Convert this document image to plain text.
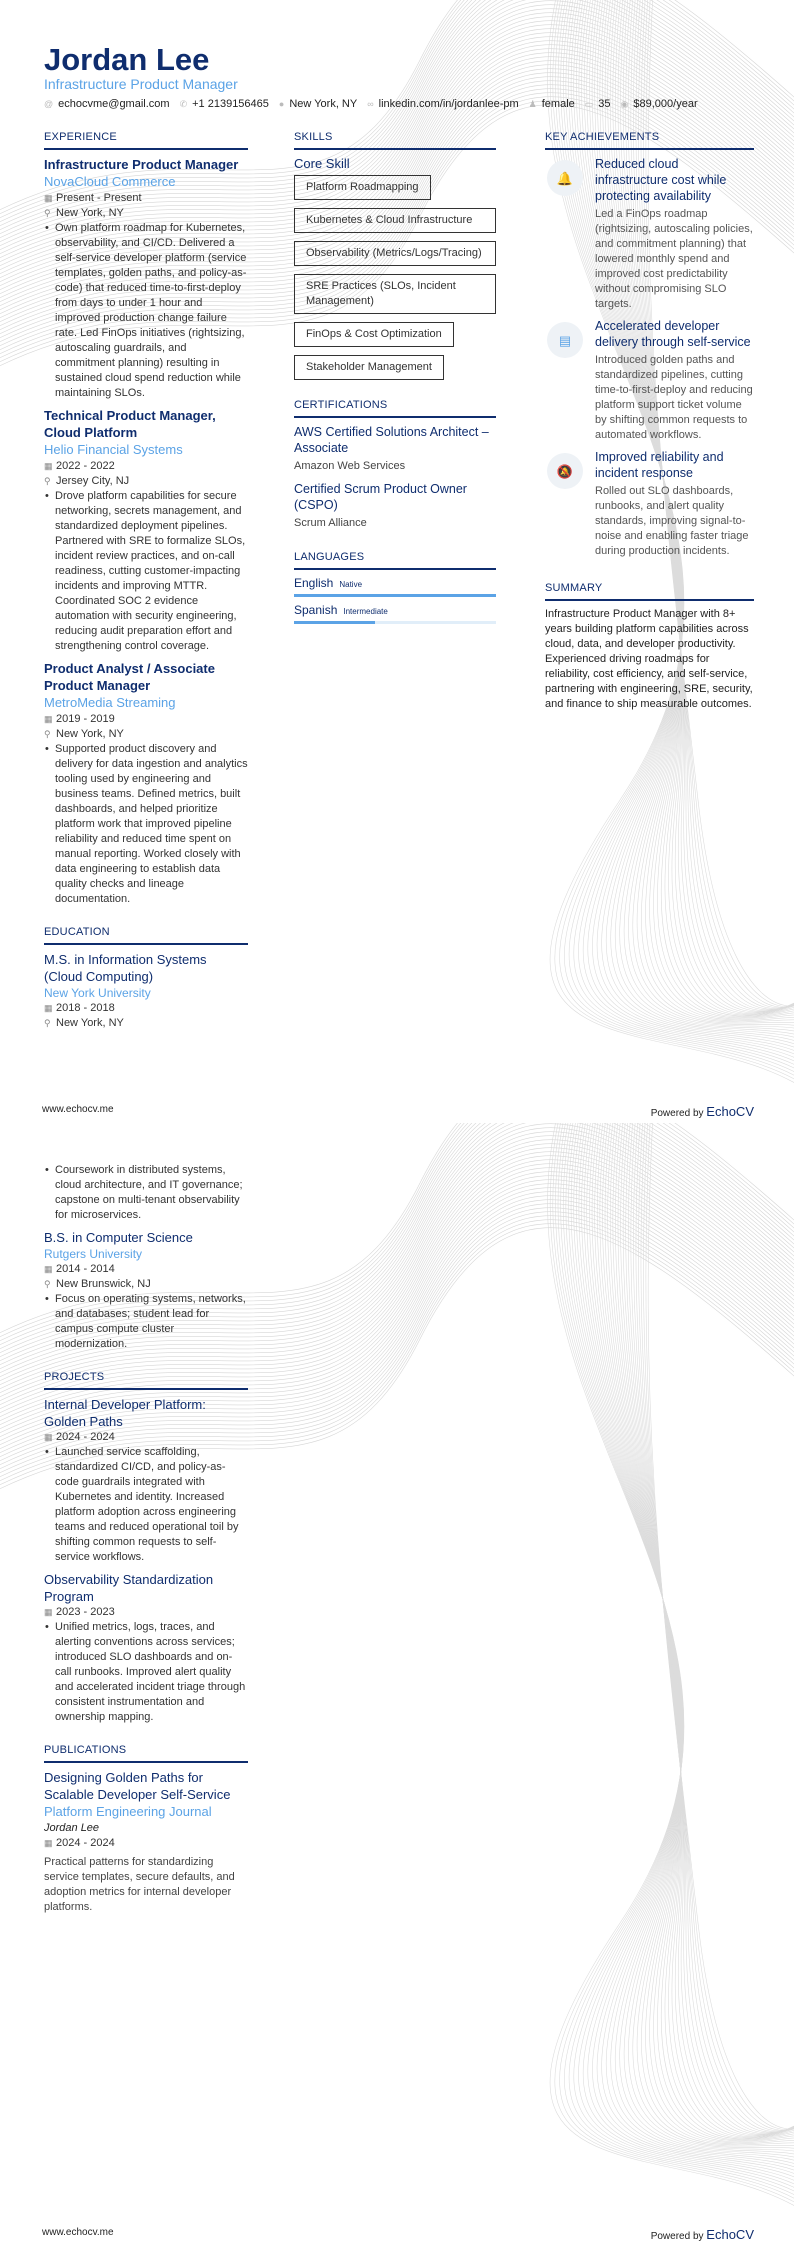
Jordan Lee
Infrastructure Product Manager
@ echocvme@gmail.com ✆ +1 2139156465 ● New York, NY ∞ linkedin.com/in/jordanlee-pm ♟ female ▭ 35 ◉ $89,000/year
EXPERIENCE
Infrastructure Product Manager
NovaCloud Commerce
▦ Present - Present
⚲ New York, NY
• Own platform roadmap for Kubernetes, observability, and CI/CD. Delivered a self-service developer platform (service templates, golden paths, and policy-as-code) that reduced time-to-first-deploy from days to under 1 hour and improved production change failure rate. Led FinOps initiatives (rightsizing, autoscaling guardrails, and commitment planning) resulting in sustained cloud spend reduction while maintaining SLOs.
Technical Product Manager, Cloud Platform
Helio Financial Systems
▦ 2022 - 2022
⚲ Jersey City, NJ
• Drove platform capabilities for secure networking, secrets management, and standardized deployment pipelines. Partnered with SRE to formalize SLOs, incident review practices, and on-call readiness, cutting customer-impacting incidents and improving MTTR. Coordinated SOC 2 evidence automation with security engineering, reducing audit preparation effort and strengthening control coverage.
Product Analyst / Associate Product Manager
MetroMedia Streaming
▦ 2019 - 2019
⚲ New York, NY
• Supported product discovery and delivery for data ingestion and analytics tooling used by engineering and business teams. Defined metrics, built dashboards, and helped prioritize platform work that improved pipeline reliability and reduced time spent on manual reporting. Worked closely with data engineering to establish data quality checks and lineage documentation.
EDUCATION
M.S. in Information Systems (Cloud Computing)
New York University
▦ 2018 - 2018
⚲ New York, NY
SKILLS
Core Skill
Platform Roadmapping
Kubernetes & Cloud Infrastructure
Observability (Metrics/Logs/Tracing)
SRE Practices (SLOs, Incident Management)
FinOps & Cost Optimization
Stakeholder Management
CERTIFICATIONS
AWS Certified Solutions Architect – Associate
Amazon Web Services
Certified Scrum Product Owner (CSPO)
Scrum Alliance
LANGUAGES
English Native
Spanish Intermediate
KEY ACHIEVEMENTS
🔔
Reduced cloud infrastructure cost while protecting availability
Led a FinOps roadmap (rightsizing, autoscaling policies, and commitment planning) that lowered monthly spend and improved cost predictability without compromising SLO targets.
▤
Accelerated developer delivery through self-service
Introduced golden paths and standardized pipelines, cutting time-to-first-deploy and reducing platform support ticket volume by shifting common requests to automated workflows.
🔕
Improved reliability and incident response
Rolled out SLO dashboards, runbooks, and alert quality standards, improving signal-to-noise and enabling faster triage during production incidents.
SUMMARY
Infrastructure Product Manager with 8+ years building platform capabilities across cloud, data, and developer productivity. Experienced driving roadmaps for reliability, cost efficiency, and self-service, partnering with engineering, SRE, security, and finance to ship measurable outcomes.
www.echocv.me	Powered by EchoCV
• Coursework in distributed systems, cloud architecture, and IT governance; capstone on multi-tenant observability for microservices.
B.S. in Computer Science
Rutgers University
▦ 2014 - 2014
⚲ New Brunswick, NJ
• Focus on operating systems, networks, and databases; student lead for campus compute cluster modernization.
PROJECTS
Internal Developer Platform: Golden Paths
▦ 2024 - 2024
• Launched service scaffolding, standardized CI/CD, and policy-as-code guardrails integrated with Kubernetes and identity. Increased platform adoption across engineering teams and reduced operational toil by shifting common requests to self-service workflows.
Observability Standardization Program
▦ 2023 - 2023
• Unified metrics, logs, traces, and alerting conventions across services; introduced SLO dashboards and on-call runbooks. Improved alert quality and accelerated incident triage through consistent instrumentation and ownership mapping.
PUBLICATIONS
Designing Golden Paths for Scalable Developer Self-Service
Platform Engineering Journal
Jordan Lee
▦ 2024 - 2024
Practical patterns for standardizing service templates, secure defaults, and adoption metrics for internal developer platforms.
www.echocv.me	Powered by EchoCV
